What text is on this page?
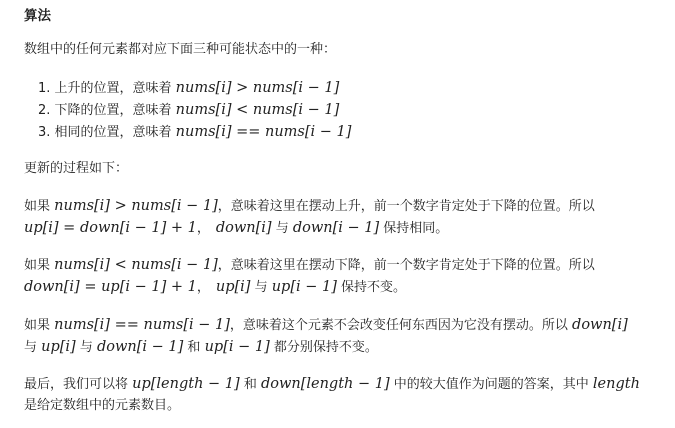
算法
数组中的任何元素都对应下面三种可能状态中的一种：
1. 上升的位置，意味着 nums[i] > nums[i − 1]
2. 下降的位置，意味着 nums[i] < nums[i − 1]
3. 相同的位置，意味着 nums[i] == nums[i − 1]
更新的过程如下：
如果 nums[i] > nums[i − 1]，意味着这里在摆动上升，前一个数字肯定处于下降的位置。所以
up[i] = down[i − 1] + 1， down[i] 与 down[i − 1] 保持相同。
如果 nums[i] < nums[i − 1]，意味着这里在摆动下降，前一个数字肯定处于下降的位置。所以
down[i] = up[i − 1] + 1， up[i] 与 up[i − 1] 保持不变。
如果 nums[i] == nums[i − 1]，意味着这个元素不会改变任何东西因为它没有摆动。所以 down[i]
与 up[i] 与 down[i − 1] 和 up[i − 1] 都分别保持不变。
最后，我们可以将 up[length − 1] 和 down[length − 1] 中的较大值作为问题的答案，其中 length
是给定数组中的元素数目。
